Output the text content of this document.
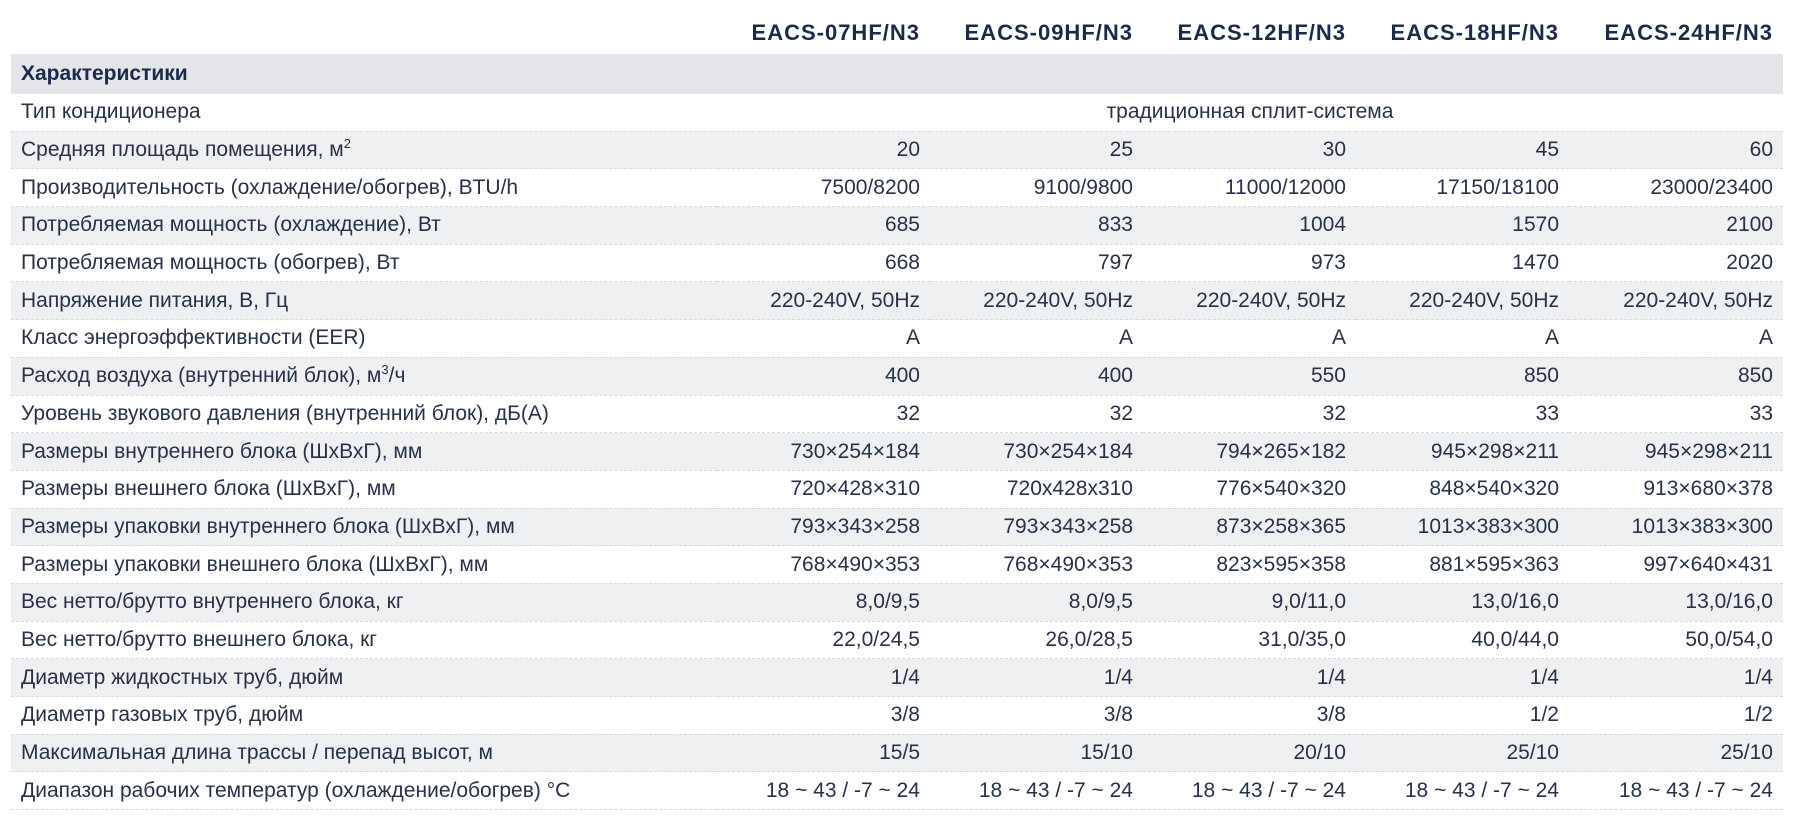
	EACS-07HF/N3	EACS-09HF/N3	EACS-12HF/N3	EACS-18HF/N3	EACS-24HF/N3
Характеристики					
Тип кондиционера	традиционная сплит-система				
Средняя площадь помещения, $м^2$	20	25	30	45	60
Производительность (охлаждение/обогрев), BTU/h	7500/8200	9100/9800	11000/12000	17150/18100	23000/23400
Потребляемая мощность (охлаждение), Вт	685	833	1004	1570	2100
Потребляемая мощность (обогрев), Вт	668	797	973	1470	2020
Напряжение питания, В, Гц	220-240V, 50Hz	220-240V, 50Hz	220-240V, 50Hz	220-240V, 50Hz	220-240V, 50Hz
Класс энергоэффективности (EER)	A	A	A	A	A
Расход воздуха (внутренний блок), $м^3/ч$	400	400	550	850	850
Уровень звукового давления (внутренний блок), дБ(А)	32	32	32	33	33
Размеры внутреннего блока (ШхВхГ), мм	730×254×184	730×254×184	794×265×182	945×298×211	945×298×211
Размеры внешнего блока (ШхВхГ), мм	720×428×310	720x428x310	776×540×320	848×540×320	913×680×378
Размеры упаковки внутреннего блока (ШхВхГ), мм	793×343×258	793×343×258	873×258×365	1013×383×300	1013×383×300
Размеры упаковки внешнего блока (ШхВхГ), мм	768×490×353	768×490×353	823×595×358	881×595×363	997×640×431
Вес нетто/брутто внутреннего блока, кг	8,0/9,5	8,0/9,5	9,0/11,0	13,0/16,0	13,0/16,0
Вес нетто/брутто внешнего блока, кг	22,0/24,5	26,0/28,5	31,0/35,0	40,0/44,0	50,0/54,0
Диаметр жидкостных труб, дюйм	1/4	1/4	1/4	1/4	1/4
Диаметр газовых труб, дюйм	3/8	3/8	3/8	1/2	1/2
Максимальная длина трассы / перепад высот, м	15/5	15/10	20/10	25/10	25/10
Диапазон рабочих температур (охлаждение/обогрев) °С	18 ~ 43 / -7 ~ 24	18 ~ 43 / -7 ~ 24	18 ~ 43 / -7 ~ 24	18 ~ 43 / -7 ~ 24	18 ~ 43 / -7 ~ 24
